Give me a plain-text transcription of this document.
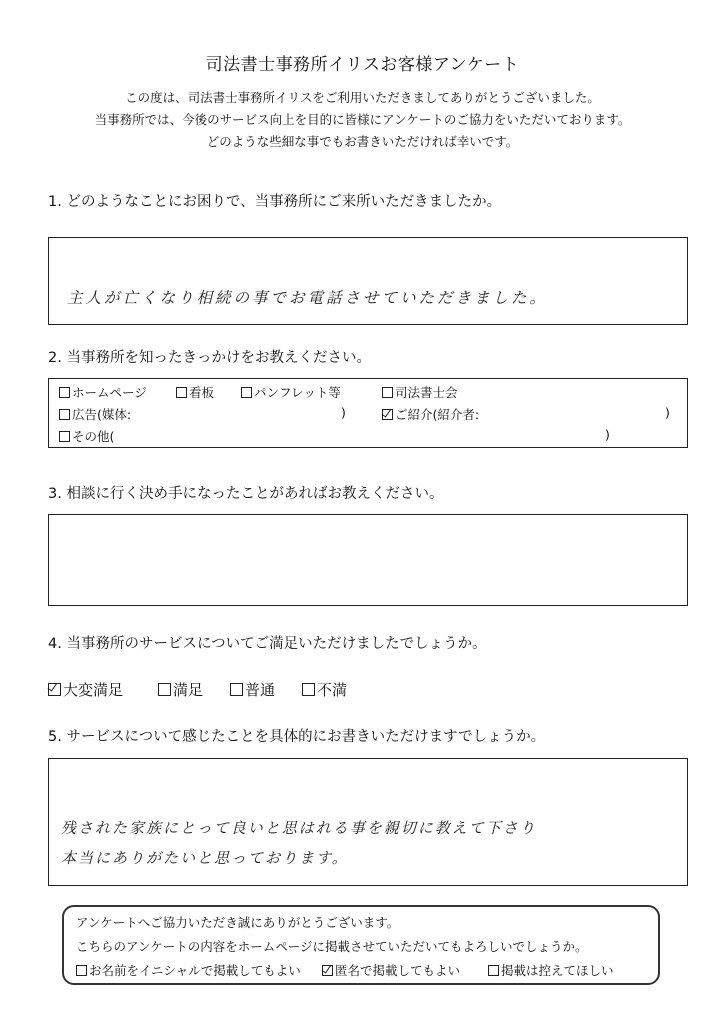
司法書士事務所イリスお客様アンケート
この度は、司法書士事務所イリスをご利用いただきましてありがとうございました。
当事務所では、今後のサービス向上を目的に皆様にアンケートのご協力をいただいております。
どのような些細な事でもお書きいただければ幸いです。
1. どのようなことにお困りで、当事務所にご来所いただきましたか。
主人が亡くなり相続の事でお電話させていただきました。
2. 当事務所を知ったきっかけをお教えください。
ホームページ	看板	パンフレット等	司法書士会
広告(媒体:	)	ご紹介(紹介者:	)
その他(	)
3. 相談に行く決め手になったことがあればお教えください。
4. 当事務所のサービスについてご満足いただけましたでしょうか。
大変満足	満足	普通	不満
5. サービスについて感じたことを具体的にお書きいただけますでしょうか。
残された家族にとって良いと思はれる事を親切に教えて下さり
本当にありがたいと思っております。
アンケートへご協力いただき誠にありがとうございます。
こちらのアンケートの内容をホームページに掲載させていただいてもよろしいでしょうか。
お名前をイニシャルで掲載してもよい	匿名で掲載してもよい	掲載は控えてほしい
